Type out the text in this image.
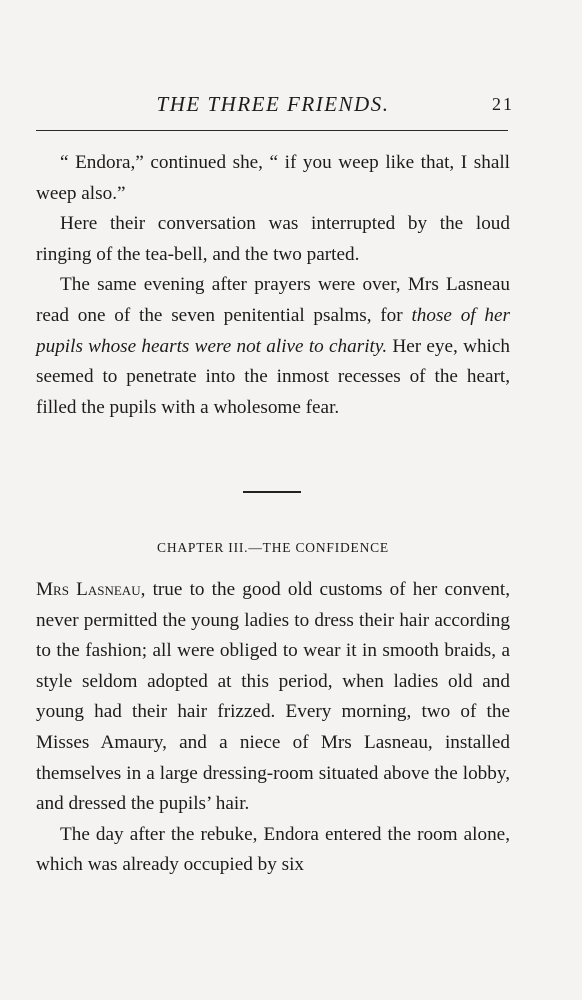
THE THREE FRIENDS.	21

“ Endora,” continued she, “ if you weep like that, I shall weep also.”

Here their conversation was interrupted by the loud ringing of the tea-bell, and the two parted.

The same evening after prayers were over, Mrs Lasneau read one of the seven penitential psalms, for those of her pupils whose hearts were not alive to charity. Her eye, which seemed to penetrate into the inmost recesses of the heart, filled the pupils with a wholesome fear.

CHAPTER III.—THE CONFIDENCE

Mrs Lasneau, true to the good old customs of her convent, never permitted the young ladies to dress their hair according to the fashion; all were obliged to wear it in smooth braids, a style seldom adopted at this period, when ladies old and young had their hair frizzed. Every morning, two of the Misses Amaury, and a niece of Mrs Lasneau, installed themselves in a large dressing-room situated above the lobby, and dressed the pupils’ hair.

The day after the rebuke, Endora entered the room alone, which was already occupied by six
